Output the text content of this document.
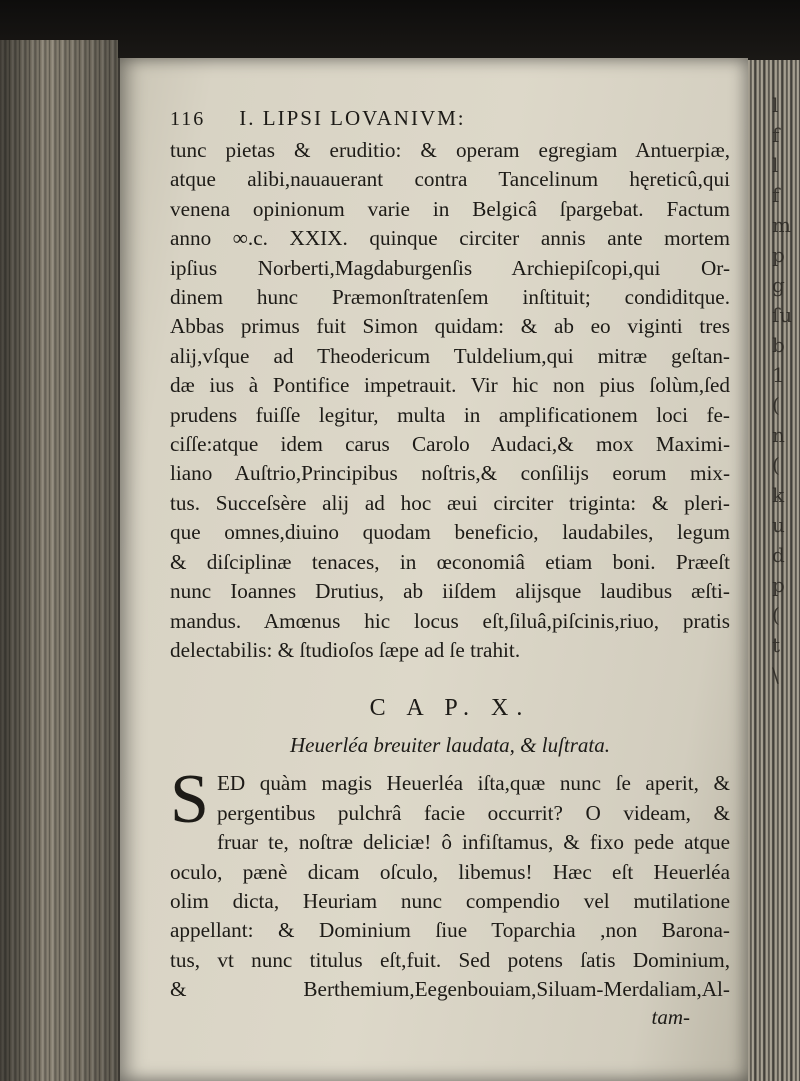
l
f
l
f
m
p
g
ſu
b
1
(
n
(
k
u
d
p
(
t
\
116 I. LIPSI LOVANIVM:
tunc pietas & eruditio: & operam egregiam Antuerpiæ,
atque alibi,nauauerant contra Tancelinum hęreticû,qui
venena opinionum varie in Belgicâ ſpargebat. Factum
anno ∞.c. XXIX. quinque circiter annis ante mortem
ipſius Norberti,Magdaburgenſis Archiepiſcopi,qui Or-
dinem hunc Præmonſtratenſem inſtituit; condiditque.
Abbas primus fuit Simon quidam: & ab eo viginti tres
alij,vſque ad Theodericum Tuldelium,qui mitræ geſtan-
dæ ius à Pontifice impetrauit. Vir hic non pius ſolùm,ſed
prudens fuiſſe legitur, multa in amplificationem loci fe-
ciſſe:atque idem carus Carolo Audaci,& mox Maximi-
liano Auſtrio,Principibus noſtris,& conſilijs eorum mix-
tus. Succeſsère alij ad hoc æui circiter triginta: & pleri-
que omnes,diuino quodam beneficio, laudabiles, legum
& diſciplinæ tenaces, in œconomiâ etiam boni. Præeſt
nunc Ioannes Drutius, ab iiſdem alijsque laudibus æſti-
mandus. Amœnus hic locus eſt,ſiluâ,piſcinis,riuo, pratis
delectabilis: & ſtudioſos ſæpe ad ſe trahit.
C A P. X.
Heuerléa breuiter laudata, & luſtrata.
S ED quàm magis Heuerléa iſta,quæ nunc ſe aperit, &
pergentibus pulchrâ facie occurrit? O videam, &
fruar te, noſtræ deliciæ! ô infiſtamus, & fixo pede atque
oculo, pænè dicam oſculo, libemus! Hæc eſt Heuerléa
olim dicta, Heuriam nunc compendio vel mutilatione
appellant: & Dominium ſiue Toparchia ,non Barona-
tus, vt nunc titulus eſt,fuit. Sed potens ſatis Dominium,
& Berthemium,Eegenbouiam,Siluam-Merdaliam,Al-
tam-
